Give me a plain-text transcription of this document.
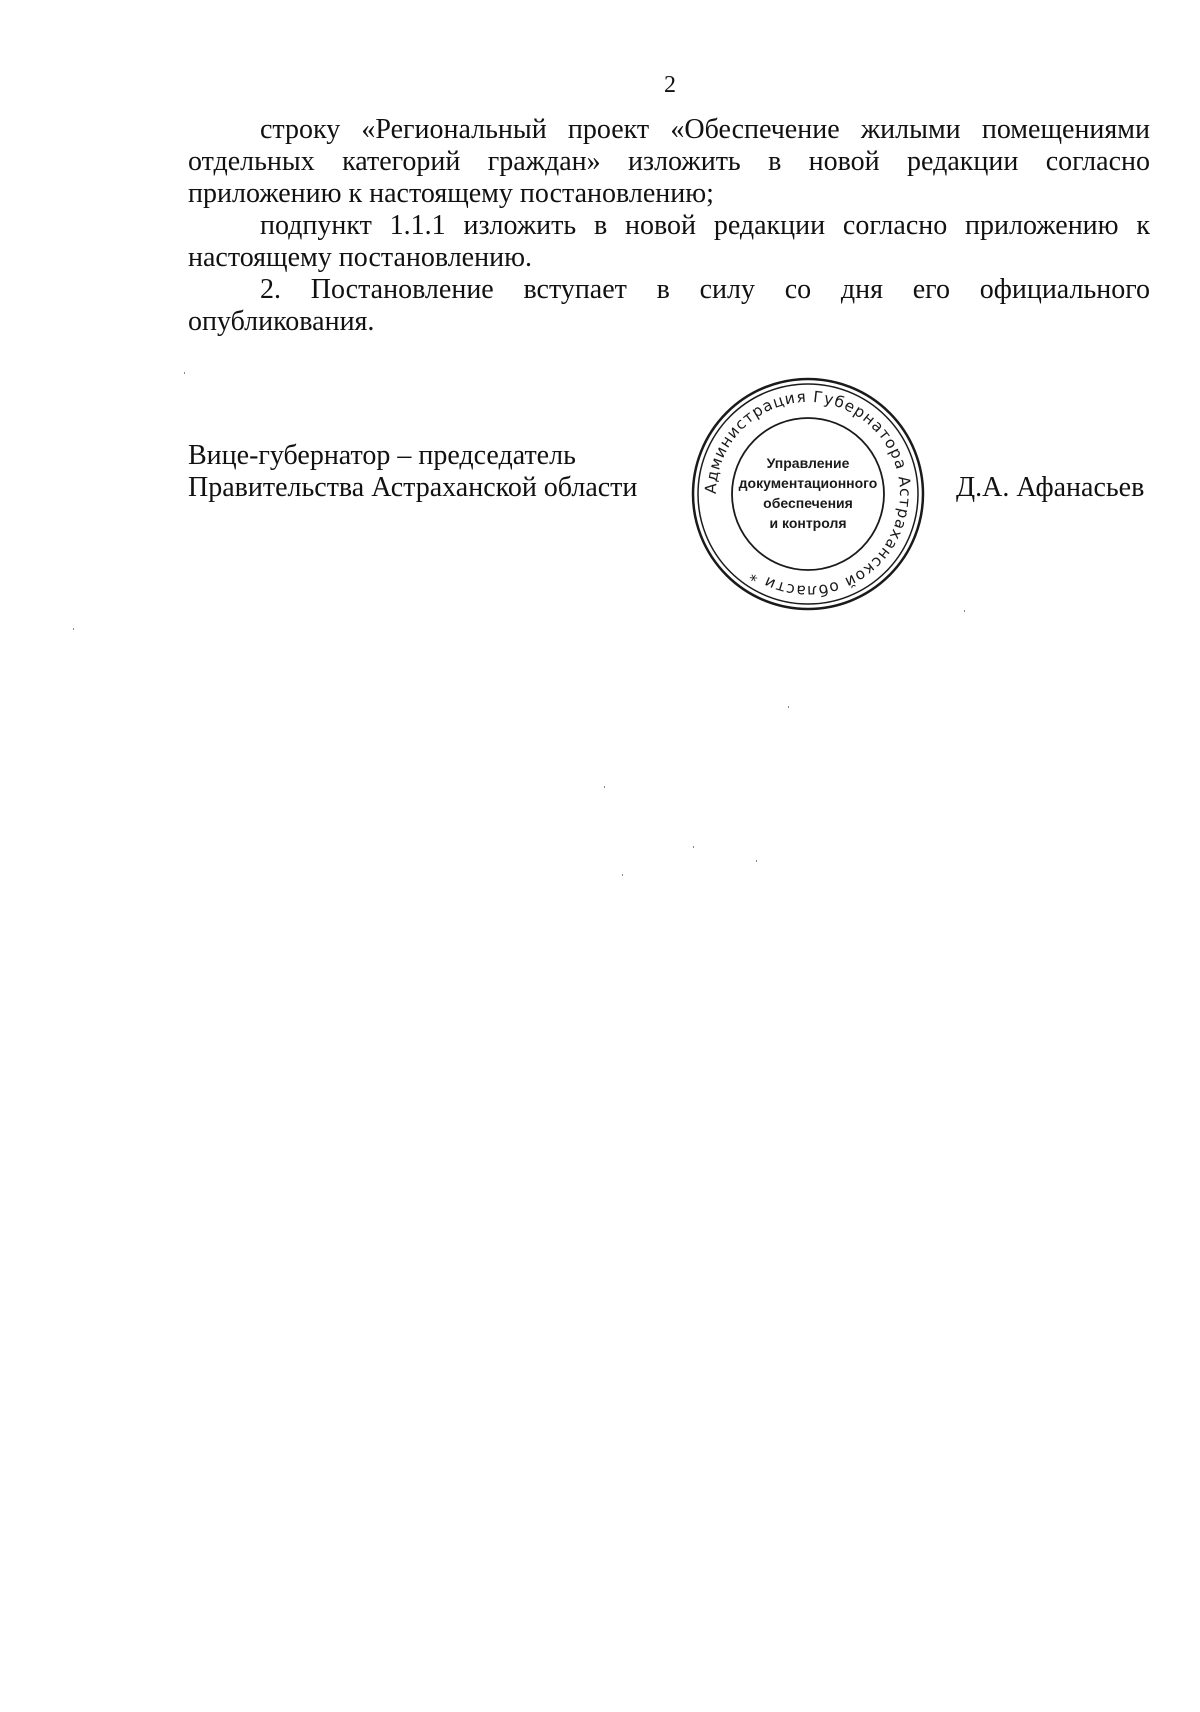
2

строку «Региональный проект «Обеспечение жилыми помещениями отдельных категорий граждан» изложить в новой редакции согласно приложению к настоящему постановлению;

подпункт 1.1.1 изложить в новой редакции согласно приложению к настоящему постановлению.

2. Постановление вступает в силу со дня его официального опубликования.

Вице-губернатор – председатель
Правительства Астраханской области	Д.А. Афанасьев
Администрация Губернатора Астраханской области *
Управление
документационного
обеспечения
и контроля
